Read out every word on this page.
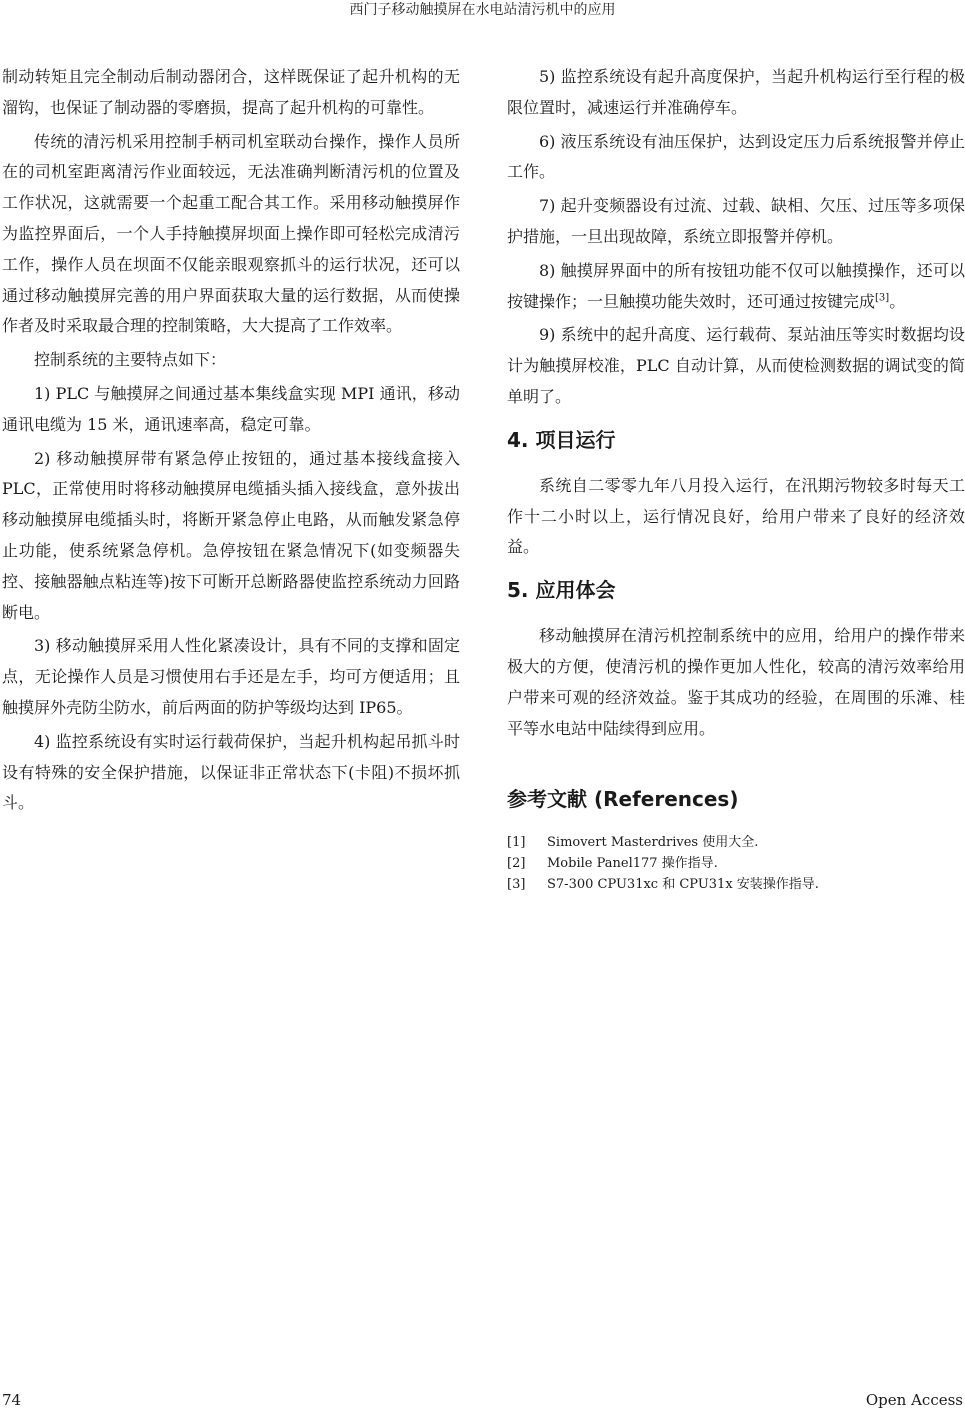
西门子移动触摸屏在水电站清污机中的应用

制动转矩且完全制动后制动器闭合，这样既保证了起升机构的无溜钩，也保证了制动器的零磨损，提高了起升机构的可靠性。

传统的清污机采用控制手柄司机室联动台操作，操作人员所在的司机室距离清污作业面较远，无法准确判断清污机的位置及工作状况，这就需要一个起重工配合其工作。采用移动触摸屏作为监控界面后，一个人手持触摸屏坝面上操作即可轻松完成清污工作，操作人员在坝面不仅能亲眼观察抓斗的运行状况，还可以通过移动触摸屏完善的用户界面获取大量的运行数据，从而使操作者及时采取最合理的控制策略，大大提高了工作效率。

控制系统的主要特点如下：

1) PLC 与触摸屏之间通过基本集线盒实现 MPI 通讯，移动通讯电缆为 15 米，通讯速率高，稳定可靠。

2) 移动触摸屏带有紧急停止按钮的，通过基本接线盒接入 PLC，正常使用时将移动触摸屏电缆插头插入接线盒，意外拔出移动触摸屏电缆插头时，将断开紧急停止电路，从而触发紧急停止功能，使系统紧急停机。急停按钮在紧急情况下(如变频器失控、接触器触点粘连等)按下可断开总断路器使监控系统动力回路断电。

3) 移动触摸屏采用人性化紧凑设计，具有不同的支撑和固定点，无论操作人员是习惯使用右手还是左手，均可方便适用；且触摸屏外壳防尘防水，前后两面的防护等级均达到 IP65。

4) 监控系统设有实时运行载荷保护，当起升机构起吊抓斗时设有特殊的安全保护措施，以保证非正常状态下(卡阻)不损坏抓斗。

5) 监控系统设有起升高度保护，当起升机构运行至行程的极限位置时，减速运行并准确停车。

6) 液压系统设有油压保护，达到设定压力后系统报警并停止工作。

7) 起升变频器设有过流、过载、缺相、欠压、过压等多项保护措施，一旦出现故障，系统立即报警并停机。

8) 触摸屏界面中的所有按钮功能不仅可以触摸操作，还可以按键操作；一旦触摸功能失效时，还可通过按键完成[3]。

9) 系统中的起升高度、运行载荷、泵站油压等实时数据均设计为触摸屏校准，PLC 自动计算，从而使检测数据的调试变的简单明了。

4. 项目运行

系统自二零零九年八月投入运行，在汛期污物较多时每天工作十二小时以上，运行情况良好，给用户带来了良好的经济效益。

5. 应用体会

移动触摸屏在清污机控制系统中的应用，给用户的操作带来极大的方便，使清污机的操作更加人性化，较高的清污效率给用户带来可观的经济效益。鉴于其成功的经验，在周围的乐滩、桂平等水电站中陆续得到应用。

参考文献 (References)
[1]	Simovert Masterdrives 使用大全.
[2]	Mobile Panel177 操作指导.
[3]	S7-300 CPU31xc 和 CPU31x 安装操作指导.
74	Open Access
